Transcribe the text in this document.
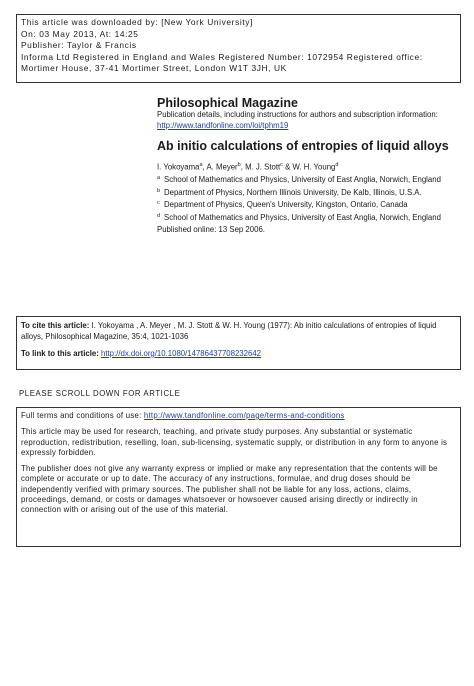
This article was downloaded by: [New York University]
On: 03 May 2013, At: 14:25
Publisher: Taylor & Francis
Informa Ltd Registered in England and Wales Registered Number: 1072954 Registered office:
Mortimer House, 37-41 Mortimer Street, London W1T 3JH, UK
Philosophical Magazine
Publication details, including instructions for authors and subscription information: http://www.tandfonline.com/loi/tphm19
Ab initio calculations of entropies of liquid alloys
I. Yokoyama$^a$, A. Meyer$^b$, M. J. Stott$^c$ & W. H. Young$^d$
a School of Mathematics and Physics, University of East Anglia, Norwich, England
b Department of Physics, Northern Illinois University, De Kalb, Illinois, U.S.A.
c Department of Physics, Queen's University, Kingston, Ontario, Canada
d School of Mathematics and Physics, University of East Anglia, Norwich, England
Published online: 13 Sep 2006.
To cite this article: I. Yokoyama , A. Meyer , M. J. Stott & W. H. Young (1977): Ab initio calculations of entropies of liquid alloys, Philosophical Magazine, 35:4, 1021-1036
To link to this article: http://dx.doi.org/10.1080/14786437708232642
PLEASE SCROLL DOWN FOR ARTICLE

Full terms and conditions of use: http://www.tandfonline.com/page/terms-and-conditions

This article may be used for research, teaching, and private study purposes. Any substantial or systematic reproduction, redistribution, reselling, loan, sub-licensing, systematic supply, or distribution in any form to anyone is expressly forbidden.

The publisher does not give any warranty express or implied or make any representation that the contents will be complete or accurate or up to date. The accuracy of any instructions, formulae, and drug doses should be independently verified with primary sources. The publisher shall not be liable for any loss, actions, claims, proceedings, demand, or costs or damages whatsoever or howsoever caused arising directly or indirectly in connection with or arising out of the use of this material.
